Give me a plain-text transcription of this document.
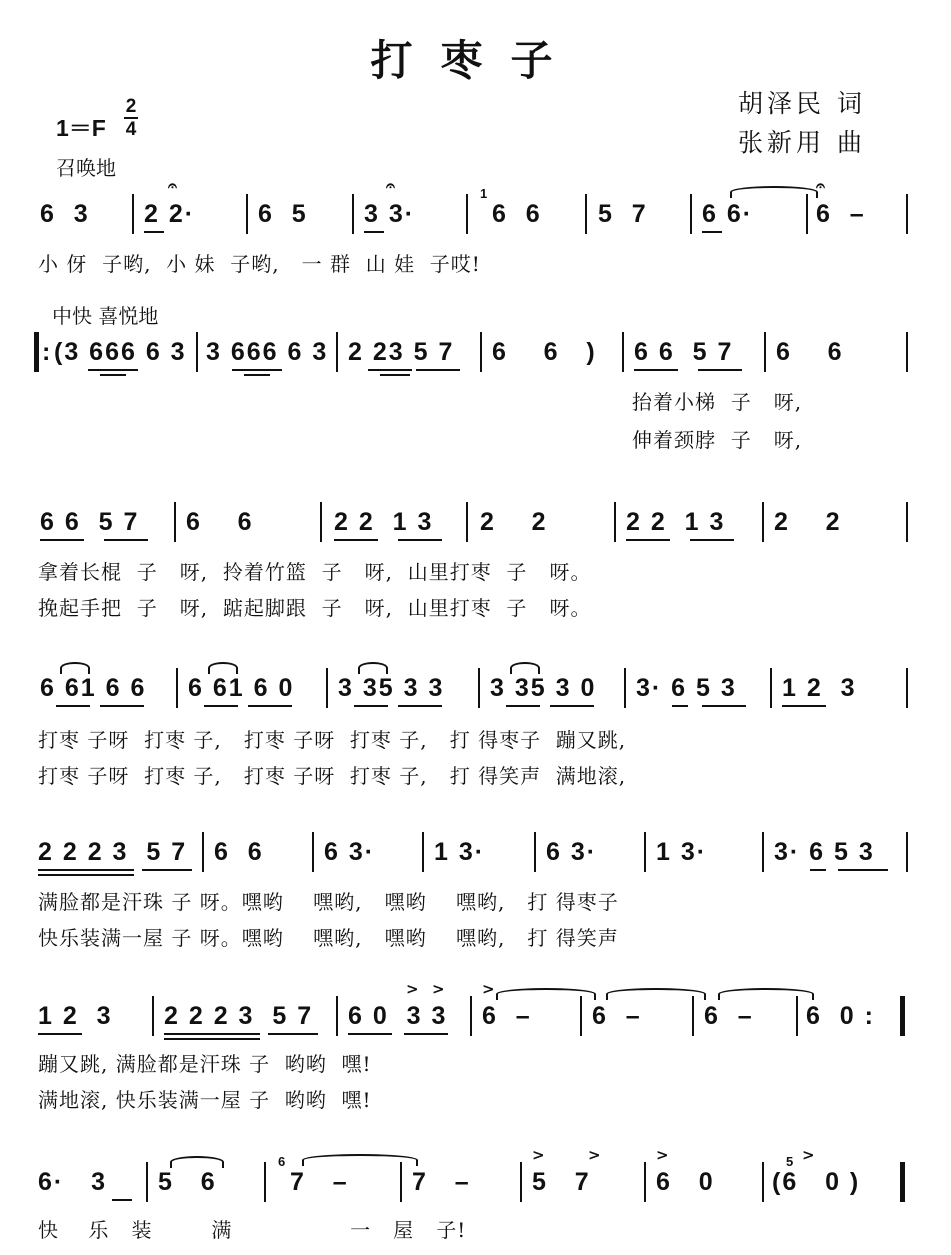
打枣子
胡泽民 词
张新用 曲
1＝F
2
4
召唤地
6  3 2 2·	6  5 3 3·	6  6 5  7 6 6·	6  –
𝄐	𝄐	𝄐
1
小 伢  子哟,  小 妹  子哟,   一 群  山 娃  子哎!
中快 喜悦地
: (3 666 6 3 3 666 6 3 2 23 5 7 6    6   ) 6 6  5 7 6    6
抬着小梯  子   呀,
伸着颈脖  子   呀,
6 6  5 7 6    6	2 2  1 3 2    2	2 2  1 3 2    2
拿着长棍  子   呀,  拎着竹篮  子   呀,  山里打枣  子   呀。
挽起手把  子   呀,  踮起脚跟  子   呀,  山里打枣  子   呀。
6 61 6 6 6 61 6 0 3 35 3 3 3 35 3 0 3· 6 5 3 1 2  3
打枣 子呀  打枣 子,   打枣 子呀  打枣 子,   打 得枣子  蹦又跳,
打枣 子呀  打枣 子,   打枣 子呀  打枣 子,   打 得笑声  满地滚,
2 2 2 3  5 7 6  6 6 3· 1 3· 6 3· 1 3·	3· 6 5 3
满脸都是汗珠 子 呀。嘿哟    嘿哟,   嘿哟    嘿哟,   打 得枣子
快乐装满一屋 子 呀。嘿哟    嘿哟,   嘿哟    嘿哟,   打 得笑声
1 2  3 2 2 2 3  5 7 6 0  3 3 6  – 6  – 6  – 6  0 :
> > >
蹦又跳, 满脸都是汗珠 子  哟哟  嘿!
满地滚, 快乐装满一屋 子  哟哟  嘿!
6·   3 5   6	7   –	7   – 5   7	6   0 (6   0 )
6	5
>	>	>	>
快    乐   装        满                一   屋   子!
